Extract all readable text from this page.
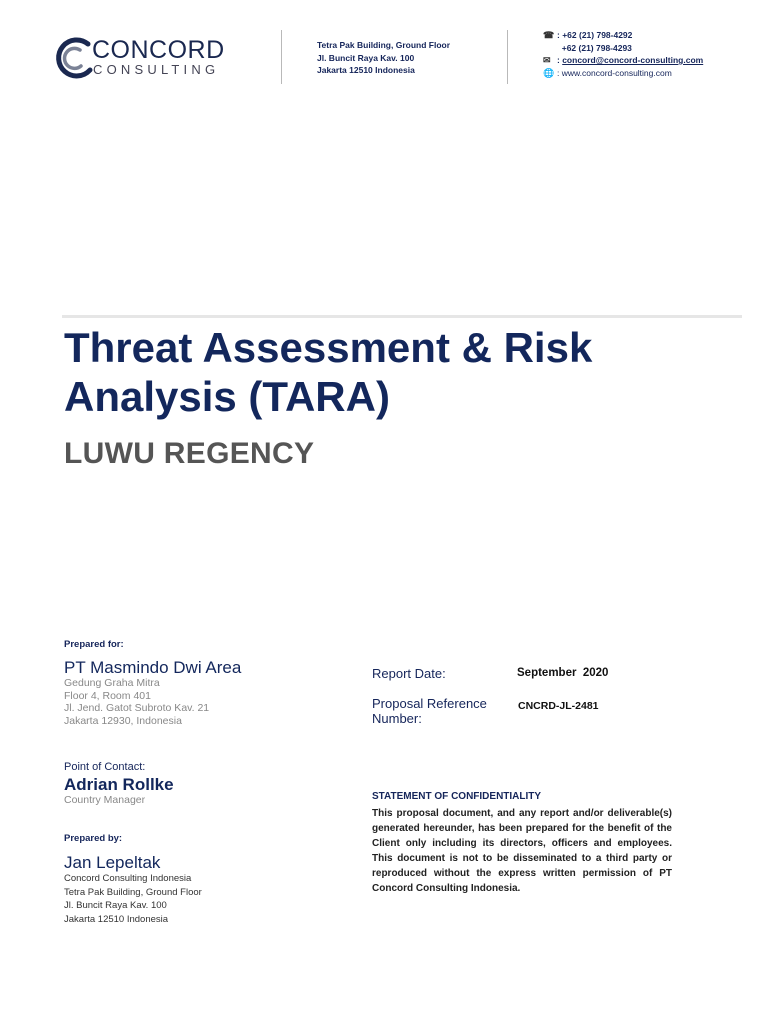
CONCORD
CONSULTING
Tetra Pak Building, Ground Floor
Jl. Buncit Raya Kav. 100
Jakarta 12510 Indonesia
☎ : +62 (21) 798-4292

+62 (21) 798-4293
✉ : concord@concord-consulting.com
🌐 : www.concord-consulting.com
Threat Assessment & Risk
Analysis (TARA)
LUWU REGENCY
Prepared for:
PT Masmindo Dwi Area
Gedung Graha Mitra
Floor 4, Room 401
Jl. Jend. Gatot Subroto Kav. 21
Jakarta 12930, Indonesia
Point of Contact:
Adrian Rollke
Country Manager
Prepared by:
Jan Lepeltak
Concord Consulting Indonesia
Tetra Pak Building, Ground Floor
Jl. Buncit Raya Kav. 100
Jakarta 12510 Indonesia
Report Date:	September  2020
Proposal Reference
Number:
CNCRD-JL-2481
STATEMENT OF CONFIDENTIALITY
This proposal document, and any report and/or deliverable(s) generated hereunder, has been prepared for the benefit of the Client only including its directors, officers and employees. This document is not to be disseminated to a third party or reproduced without the express written permission of PT Concord Consulting Indonesia.
